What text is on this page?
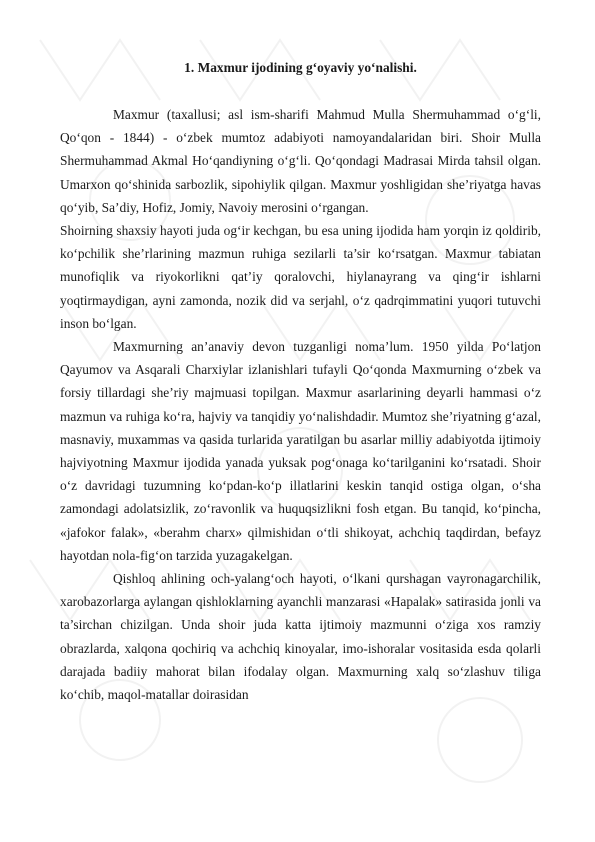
1. Maxmur ijodining g‘oyaviy yo‘nalishi.

Maxmur (taxallusi; asl ism-sharifi Mahmud Mulla Shermuhammad o‘g‘li, Qo‘qon - 1844) - o‘zbek mumtoz adabiyoti namoyandalaridan biri. Shoir Mulla Shermuhammad Akmal Ho‘qandiyning o‘g‘li. Qo‘qondagi Madrasai Mirda tahsil olgan. Umarxon qo‘shinida sarbozlik, sipohiylik qilgan. Maxmur yoshligidan she’riyatga havas qo‘yib, Sa’diy, Hofiz, Jomiy, Navoiy merosini o‘rgangan.

Shoirning shaxsiy hayoti juda og‘ir kechgan, bu esa uning ijodida ham yorqin iz qoldirib, ko‘pchilik she’rlarining mazmun ruhiga sezilarli ta’sir ko‘rsatgan. Maxmur tabiatan munofiqlik va riyokorlikni qat’iy qoralovchi, hiylanayrang va qing‘ir ishlarni yoqtirmaydigan, ayni zamonda, nozik did va serjahl, o‘z qadrqimmatini yuqori tutuvchi inson bo‘lgan.

Maxmurning an’anaviy devon tuzganligi noma’lum. 1950 yilda Po‘latjon Qayumov va Asqarali Charxiylar izlanishlari tufayli Qo‘qonda Maxmurning o‘zbek va forsiy tillardagi she’riy majmuasi topilgan. Maxmur asarlarining deyarli hammasi o‘z mazmun va ruhiga ko‘ra, hajviy va tanqidiy yo‘nalishdadir. Mumtoz she’riyatning g‘azal, masnaviy, muxammas va qasida turlarida yaratilgan bu asarlar milliy adabiyotda ijtimoiy hajviyotning Maxmur ijodida yanada yuksak pog‘onaga ko‘tarilganini ko‘rsatadi. Shoir o‘z davridagi tuzumning ko‘pdan-ko‘p illatlarini keskin tanqid ostiga olgan, o‘sha zamondagi adolatsizlik, zo‘ravonlik va huquqsizlikni fosh etgan. Bu tanqid, ko‘pincha, «jafokor falak», «berahm charx» qilmishidan o‘tli shikoyat, achchiq taqdirdan, befayz hayotdan nola-fig‘on tarzida yuzagakelgan.

Qishloq ahlining och-yalang‘och hayoti, o‘lkani qurshagan vayronagarchilik, xarobazorlarga aylangan qishloklarning ayanchli manzarasi «Hapalak» satirasida jonli va ta’sirchan chizilgan. Unda shoir juda katta ijtimoiy mazmunni o‘ziga xos ramziy obrazlarda, xalqona qochiriq va achchiq kinoyalar, imo-ishoralar vositasida esda qolarli darajada badiiy mahorat bilan ifodalay olgan. Maxmurning xalq so‘zlashuv tiliga ko‘chib, maqol-matallar doirasidan
